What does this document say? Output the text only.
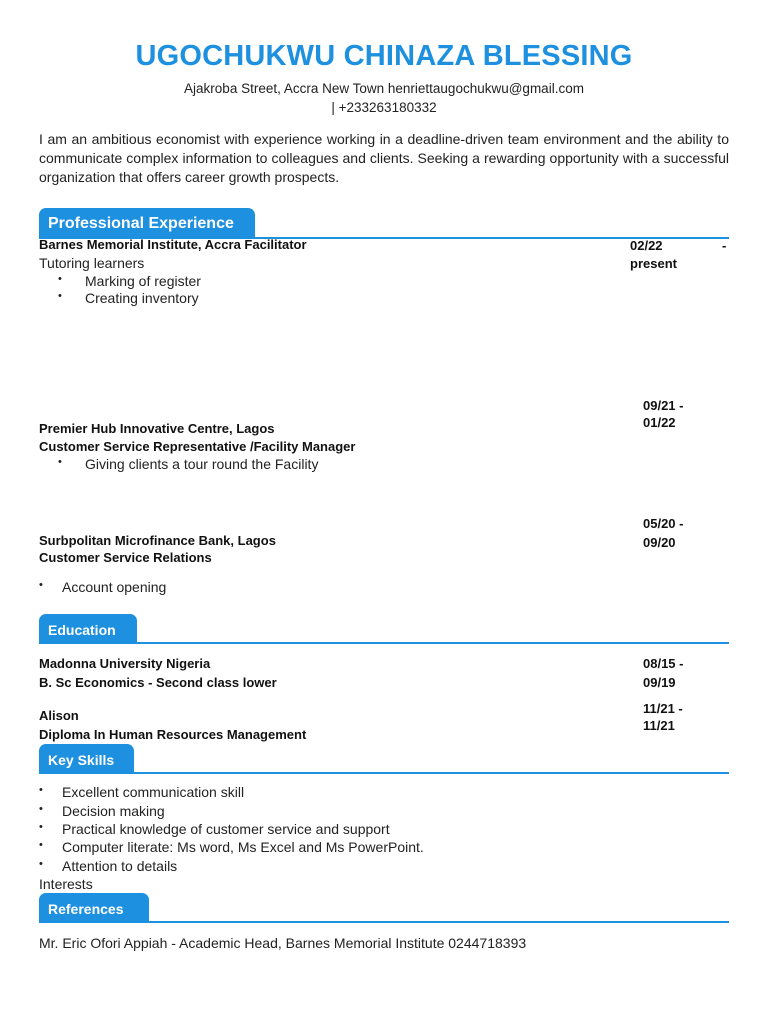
UGOCHUKWU CHINAZA BLESSING
Ajakroba Street, Accra New Town henriettaugochukwu@gmail.com
| +233263180332
I am an ambitious economist with experience working in a deadline-driven team environment and the ability to communicate complex information to colleagues and clients. Seeking a rewarding opportunity with a successful organization that offers career growth prospects.
Professional Experience
Barnes Memorial Institute, Accra Facilitator
Tutoring learners
• Marking of register
• Creating inventory
02/22	-
present
09/21 -
01/22
Premier Hub Innovative Centre, Lagos
Customer Service Representative /Facility Manager
• Giving clients a tour round the Facility
05/20 -
09/20
Surbpolitan Microfinance Bank, Lagos
Customer Service Relations
• Account opening
Education
Madonna University Nigeria
B. Sc Economics - Second class lower
08/15 -
09/19
Alison
Diploma In Human Resources Management
11/21 -
11/21
Key Skills
• Excellent communication skill
• Decision making
• Practical knowledge of customer service and support
• Computer literate: Ms word, Ms Excel and Ms PowerPoint.
• Attention to details
Interests
References
Mr. Eric Ofori Appiah - Academic Head, Barnes Memorial Institute 0244718393
